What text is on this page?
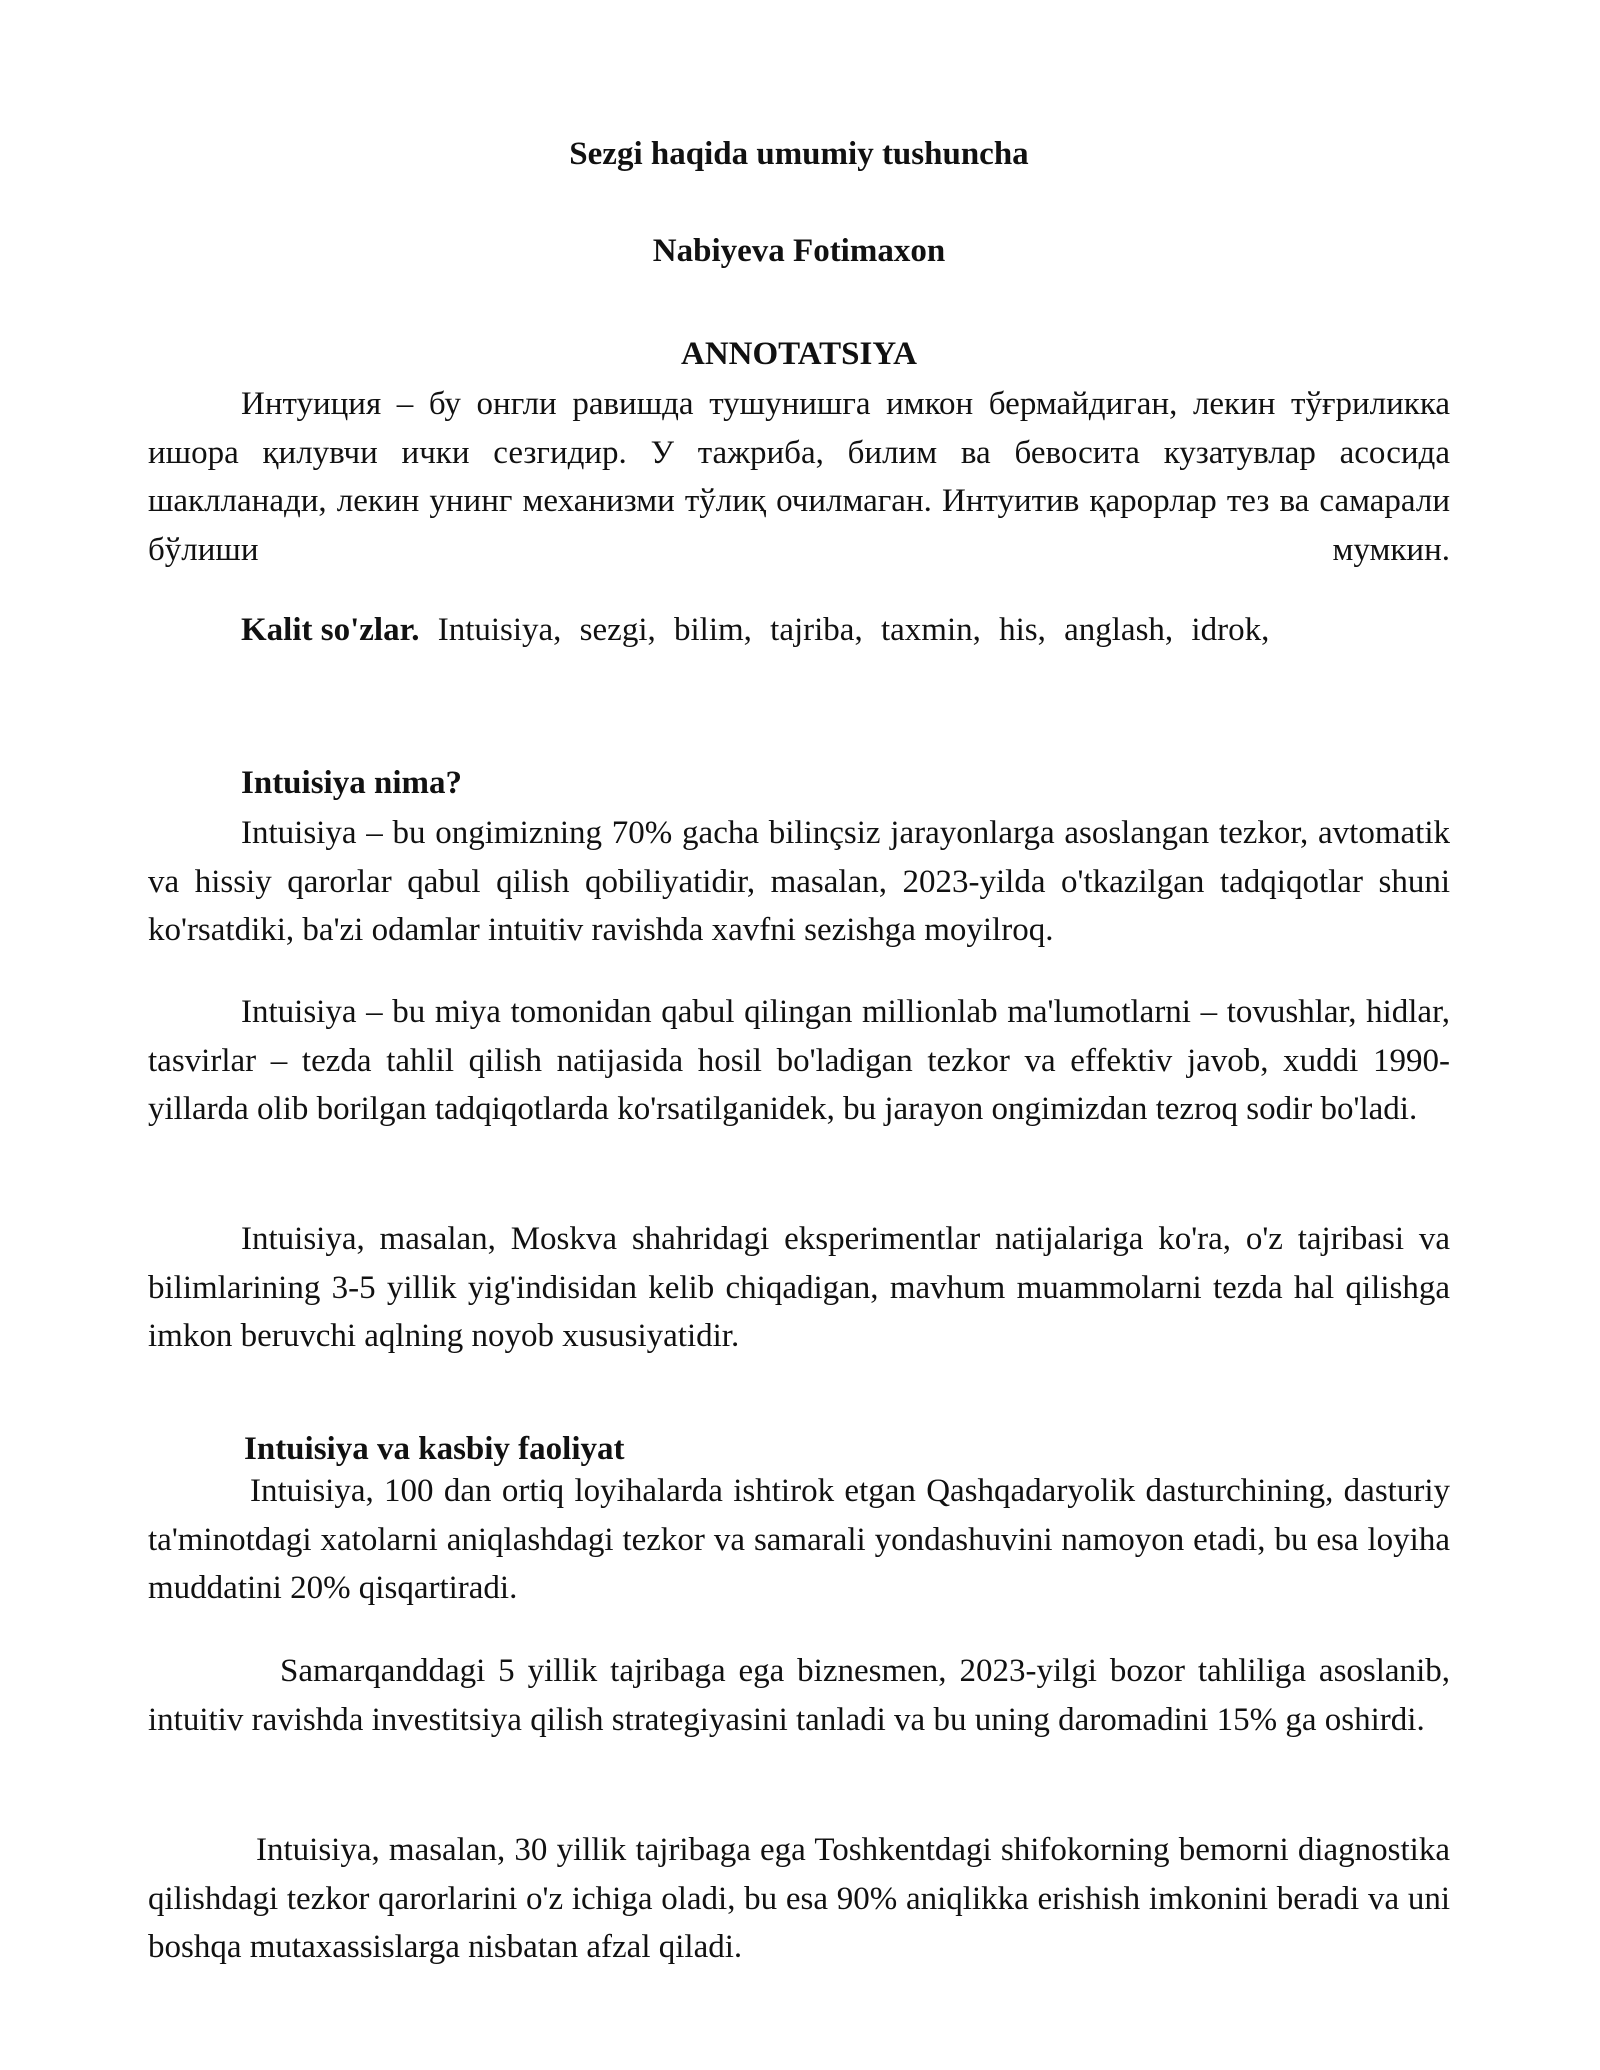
Sezgi haqida umumiy tushuncha
Nabiyeva Fotimaxon
ANNOTATSIYA

Интуиция – бу онгли равишда тушунишга имкон бермайдиган, лекин тўғриликка ишора қилувчи ички сезгидир. У тажриба, билим ва бевосита кузатувлар асосида шаклланади, лекин унинг механизми тўлиқ очилмаган. Интуитив қарорлар тез ва самарали бўлиши мумкин.

Kalit so'zlar. Intuisiya, sezgi, bilim, tajriba, taxmin, his, anglash, idrok,

Intuisiya nima?

Intuisiya – bu ongimizning 70% gacha bilinçsiz jarayonlarga asoslangan tezkor, avtomatik va hissiy qarorlar qabul qilish qobiliyatidir, masalan, 2023-yilda o'tkazilgan tadqiqotlar shuni ko'rsatdiki, ba'zi odamlar intuitiv ravishda xavfni sezishga moyilroq.

Intuisiya – bu miya tomonidan qabul qilingan millionlab ma'lumotlarni – tovushlar, hidlar, tasvirlar – tezda tahlil qilish natijasida hosil bo'ladigan tezkor va effektiv javob, xuddi 1990-yillarda olib borilgan tadqiqotlarda ko'rsatilganidek, bu jarayon ongimizdan tezroq sodir bo'ladi.

Intuisiya, masalan, Moskva shahridagi eksperimentlar natijalariga ko'ra, o'z tajribasi va bilimlarining 3-5 yillik yig'indisidan kelib chiqadigan, mavhum muammolarni tezda hal qilishga imkon beruvchi aqlning noyob xususiyatidir.

Intuisiya va kasbiy faoliyat

Intuisiya, 100 dan ortiq loyihalarda ishtirok etgan Qashqadaryolik dasturchining, dasturiy ta'minotdagi xatolarni aniqlashdagi tezkor va samarali yondashuvini namoyon etadi, bu esa loyiha muddatini 20% qisqartiradi.

Samarqanddagi 5 yillik tajribaga ega biznesmen, 2023-yilgi bozor tahliliga asoslanib, intuitiv ravishda investitsiya qilish strategiyasini tanladi va bu uning daromadini 15% ga oshirdi.

Intuisiya, masalan, 30 yillik tajribaga ega Toshkentdagi shifokorning bemorni diagnostika qilishdagi tezkor qarorlarini o'z ichiga oladi, bu esa 90% aniqlikka erishish imkonini beradi va uni boshqa mutaxassislarga nisbatan afzal qiladi.
